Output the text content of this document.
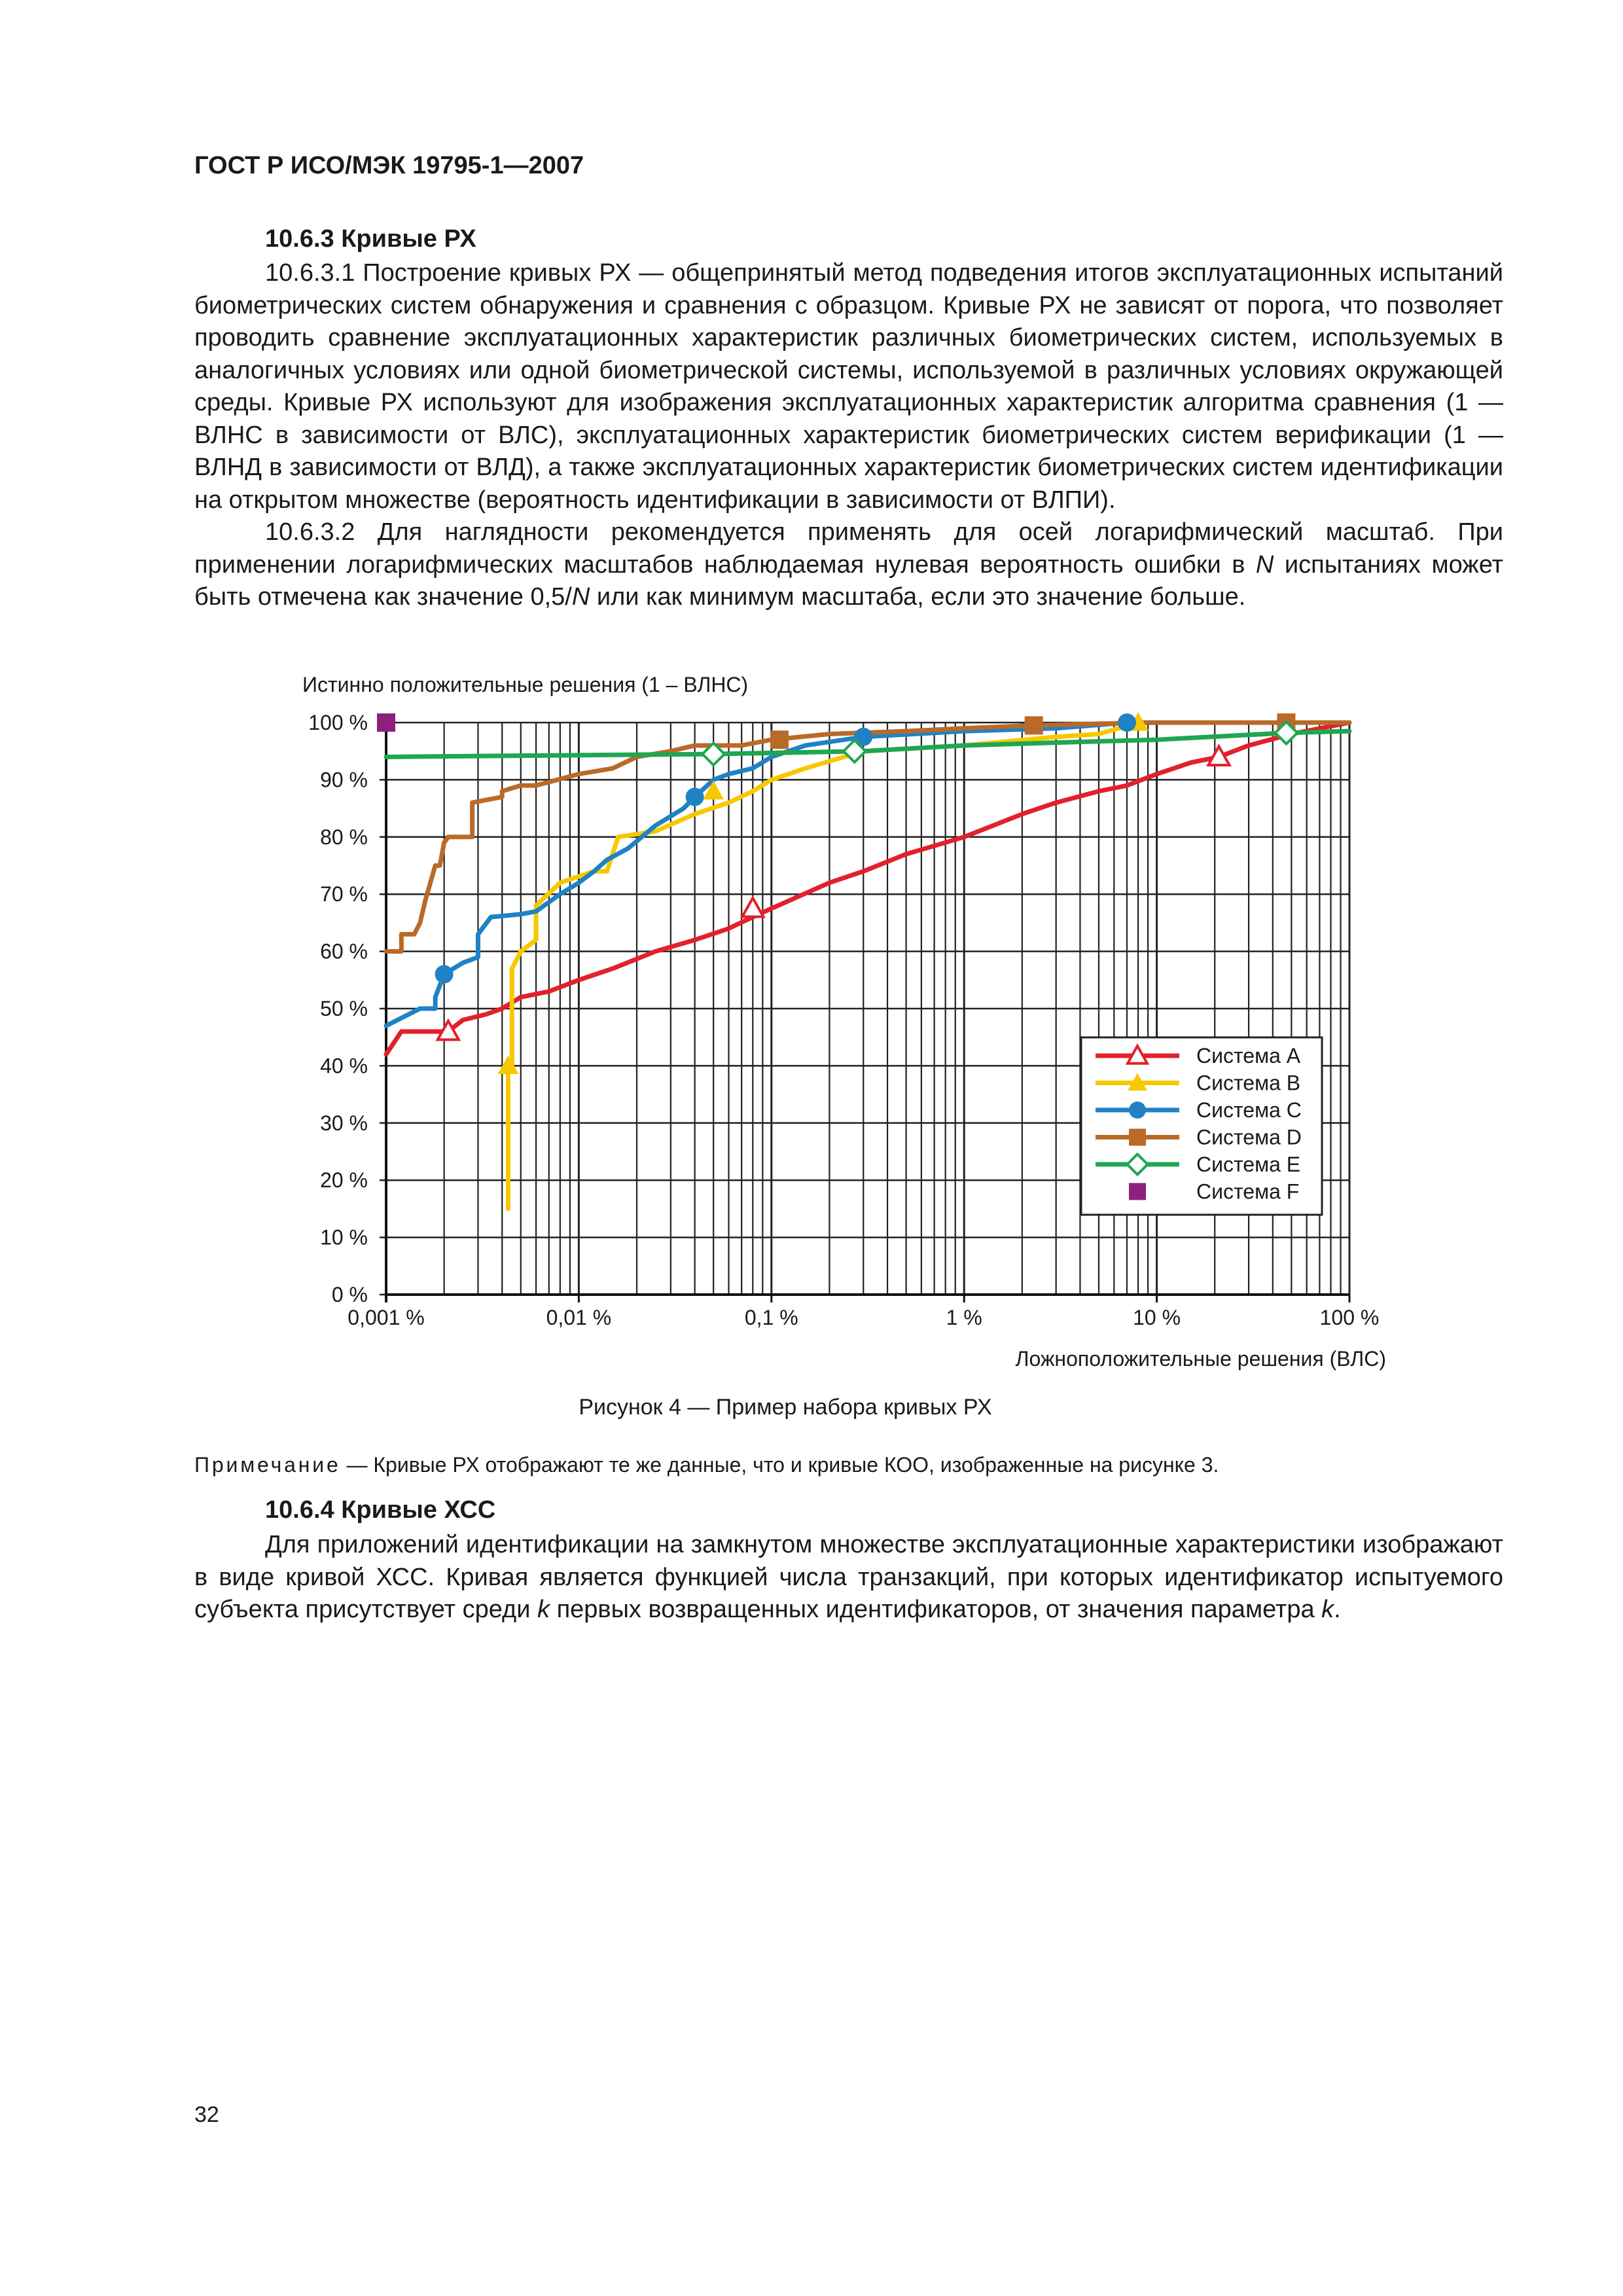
ГОСТ Р ИСО/МЭК 19795-1—2007
10.6.3 Кривые РХ

10.6.3.1 Построение кривых РХ — общепринятый метод подведения итогов эксплуатационных испытаний биометрических систем обнаружения и сравнения с образцом. Кривые РХ не зависят от порога, что позволяет проводить сравнение эксплуатационных характеристик различных биометрических систем, используемых в аналогичных условиях или одной биометрической системы, используемой в различных условиях окружающей среды. Кривые РХ используют для изображения эксплуатационных характеристик алгоритма сравнения (1 — ВЛНС в зависимости от ВЛС), эксплуатационных характеристик биометрических систем верификации (1 — ВЛНД в зависимости от ВЛД), а также эксплуатационных характеристик биометрических систем идентификации на открытом множестве (вероятность идентификации в зависимости от ВЛПИ).

10.6.3.2 Для наглядности рекомендуется применять для осей логарифмический масштаб. При применении логарифмических масштабов наблюдаемая нулевая вероятность ошибки в N испытаниях может быть отмечена как значение 0,5/N или как минимум масштаба, если это значение больше.

Истинно положительные решения (1 – ВЛНС)
0 %
10 %
20 %
30 %
40 %
50 %
60 %
70 %
80 %
90 %
100 %
0,001 %	0,01 %	0,1 %	1 %	10 %	100 %
Система A
Система B
Система C
Система D
Система E
Система F
Ложноположительные решения (ВЛС)
Рисунок 4 — Пример набора кривых РХ
Примечание — Кривые РХ отображают те же данные, что и кривые КОО, изображенные на рисунке 3.
10.6.4 Кривые ХСС

Для приложений идентификации на замкнутом множестве эксплуатационные характеристики изображают в виде кривой ХСС. Кривая является функцией числа транзакций, при которых идентификатор испытуемого субъекта присутствует среди k первых возвращенных идентификаторов, от значения параметра k.

32
